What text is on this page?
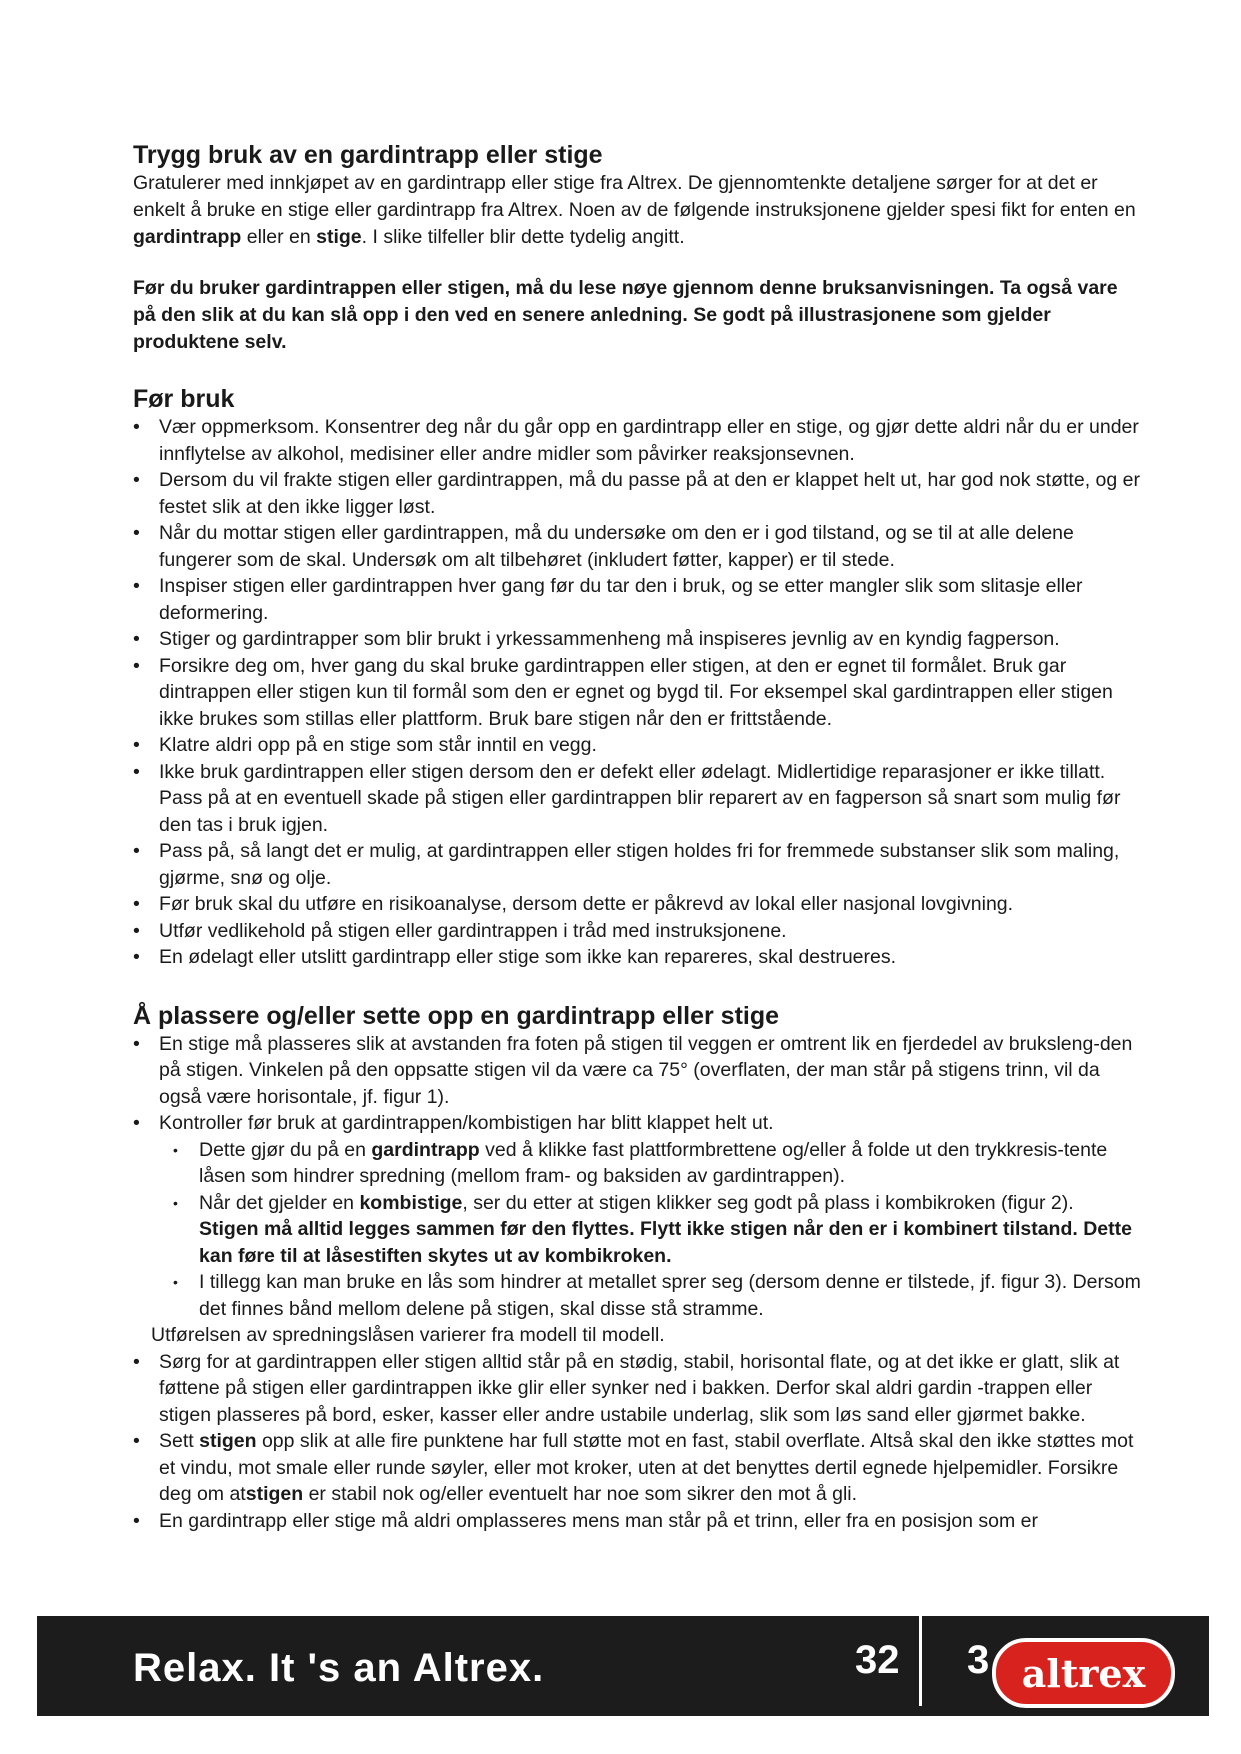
Trygg bruk av en gardintrapp eller stige

Gratulerer med innkjøpet av en gardintrapp eller stige fra Altrex. De gjennomtenkte detaljene sørger for at det er enkelt å bruke en stige eller gardintrapp fra Altrex. Noen av de følgende instruksjonene gjelder spesi fikt for enten en gardintrapp eller en stige. I slike tilfeller blir dette tydelig angitt.

Før du bruker gardintrappen eller stigen, må du lese nøye gjennom denne bruksanvisningen. Ta også vare på den slik at du kan slå opp i den ved en senere anledning. Se godt på illustrasjonene som gjelder produktene selv.
Før bruk
• Vær oppmerksom. Konsentrer deg når du går opp en gardintrapp eller en stige, og gjør dette aldri når du er under innflytelse av alkohol, medisiner eller andre midler som påvirker reaksjonsevnen.
• Dersom du vil frakte stigen eller gardintrappen, må du passe på at den er klappet helt ut, har god nok støtte, og er festet slik at den ikke ligger løst.
• Når du mottar stigen eller gardintrappen, må du undersøke om den er i god tilstand, og se til at alle delene fungerer som de skal. Undersøk om alt tilbehøret (inkludert føtter, kapper) er til stede.
• Inspiser stigen eller gardintrappen hver gang før du tar den i bruk, og se etter mangler slik som slitasje eller deformering.
• Stiger og gardintrapper som blir brukt i yrkessammenheng må inspiseres jevnlig av en kyndig fagperson.
• Forsikre deg om, hver gang du skal bruke gardintrappen eller stigen, at den er egnet til formålet. Bruk gar dintrappen eller stigen kun til formål som den er egnet og bygd til. For eksempel skal gardintrappen eller stigen ikke brukes som stillas eller plattform. Bruk bare stigen når den er frittstående.
• Klatre aldri opp på en stige som står inntil en vegg.
• Ikke bruk gardintrappen eller stigen dersom den er defekt eller ødelagt. Midlertidige reparasjoner er ikke tillatt. Pass på at en eventuell skade på stigen eller gardintrappen blir reparert av en fagperson så snart som mulig før den tas i bruk igjen.
• Pass på, så langt det er mulig, at gardintrappen eller stigen holdes fri for fremmede substanser slik som maling, gjørme, snø og olje.
• Før bruk skal du utføre en risikoanalyse, dersom dette er påkrevd av lokal eller nasjonal lovgivning.
• Utfør vedlikehold på stigen eller gardintrappen i tråd med instruksjonene.
• En ødelagt eller utslitt gardintrapp eller stige som ikke kan repareres, skal destrueres.
Å plassere og/eller sette opp en gardintrapp eller stige
• En stige må plasseres slik at avstanden fra foten på stigen til veggen er omtrent lik en fjerdedel av bruksleng-den på stigen. Vinkelen på den oppsatte stigen vil da være ca 75° (overflaten, der man står på stigens trinn, vil da også være horisontale, jf. figur 1).
• Kontroller før bruk at gardintrappen/kombistigen har blitt klappet helt ut.
• Dette gjør du på en gardintrapp ved å klikke fast plattformbrettene og/eller å folde ut den trykkresis-tente låsen som hindrer spredning (mellom fram- og baksiden av gardintrappen).
• Når det gjelder en kombistige, ser du etter at stigen klikker seg godt på plass i kombikroken (figur 2).
Stigen må alltid legges sammen før den flyttes. Flytt ikke stigen når den er i kombinert tilstand. Dette kan føre til at låsestiften skytes ut av kombikroken.
• I tillegg kan man bruke en lås som hindrer at metallet sprer seg (dersom denne er tilstede, jf. figur 3). Dersom det finnes bånd mellom delene på stigen, skal disse stå stramme.
Utførelsen av spredningslåsen varierer fra modell til modell.
• Sørg for at gardintrappen eller stigen alltid står på en stødig, stabil, horisontal flate, og at det ikke er glatt, slik at føttene på stigen eller gardintrappen ikke glir eller synker ned i bakken. Derfor skal aldri gardin -trappen eller stigen plasseres på bord, esker, kasser eller andre ustabile underlag, slik som løs sand eller gjørmet bakke.
• Sett stigen opp slik at alle fire punktene har full støtte mot en fast, stabil overflate. Altså skal den ikke støttes mot et vindu, mot smale eller runde søyler, eller mot kroker, uten at det benyttes dertil egnede hjelpemidler. Forsikre deg om atstigen er stabil nok og/eller eventuelt har noe som sikrer den mot å gli.
• En gardintrapp eller stige må aldri omplasseres mens man står på et trinn, eller fra en posisjon som er
Relax. It 's an Altrex.	32 3 altrex
